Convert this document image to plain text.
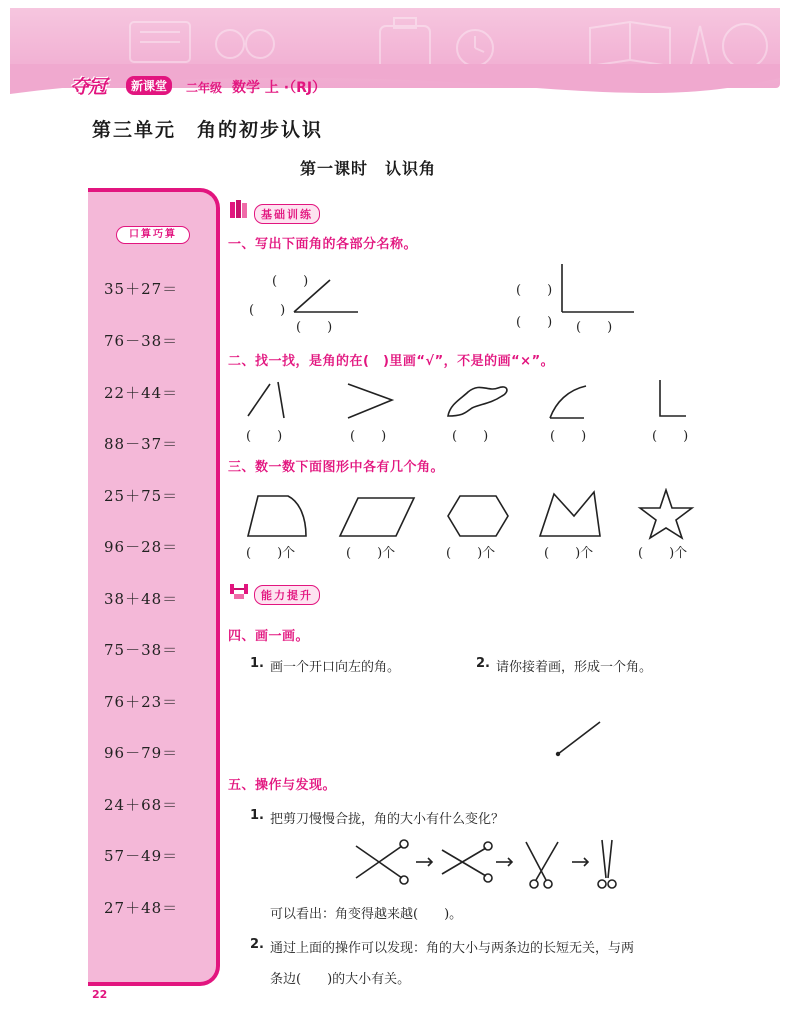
夺冠	新课堂	二年级 数学 上 ·（RJ）
第三单元　角的初步认识
第一课时　认识角
口算巧算
35＋27＝
76－38＝
22＋44＝
88－37＝
25＋75＝
96－28＝
38＋48＝
75－38＝
76＋23＝
96－79＝
24＋68＝
57－49＝
27＋48＝
基础训练
一、写出下面角的各部分名称。
(　　)
(　　)
(　　)
(　　)
(　　) (　　)
二、找一找，是角的在(　)里画“√”，不是的画“×”。
(　　)	(　　)	(　　)	(　　)	(　　)
三、数一数下面图形中各有几个角。
(　　)个	(　　)个	(　　)个	(　　)个	(　　)个
能力提升
四、画一画。
1. 画一个开口向左的角。	2. 请你接着画，形成一个角。
五、操作与发现。
1. 把剪刀慢慢合拢，角的大小有什么变化？
可以看出：角变得越来越(　　)。
2. 通过上面的操作可以发现：角的大小与两条边的长短无关，与两
条边(　　)的大小有关。
22
